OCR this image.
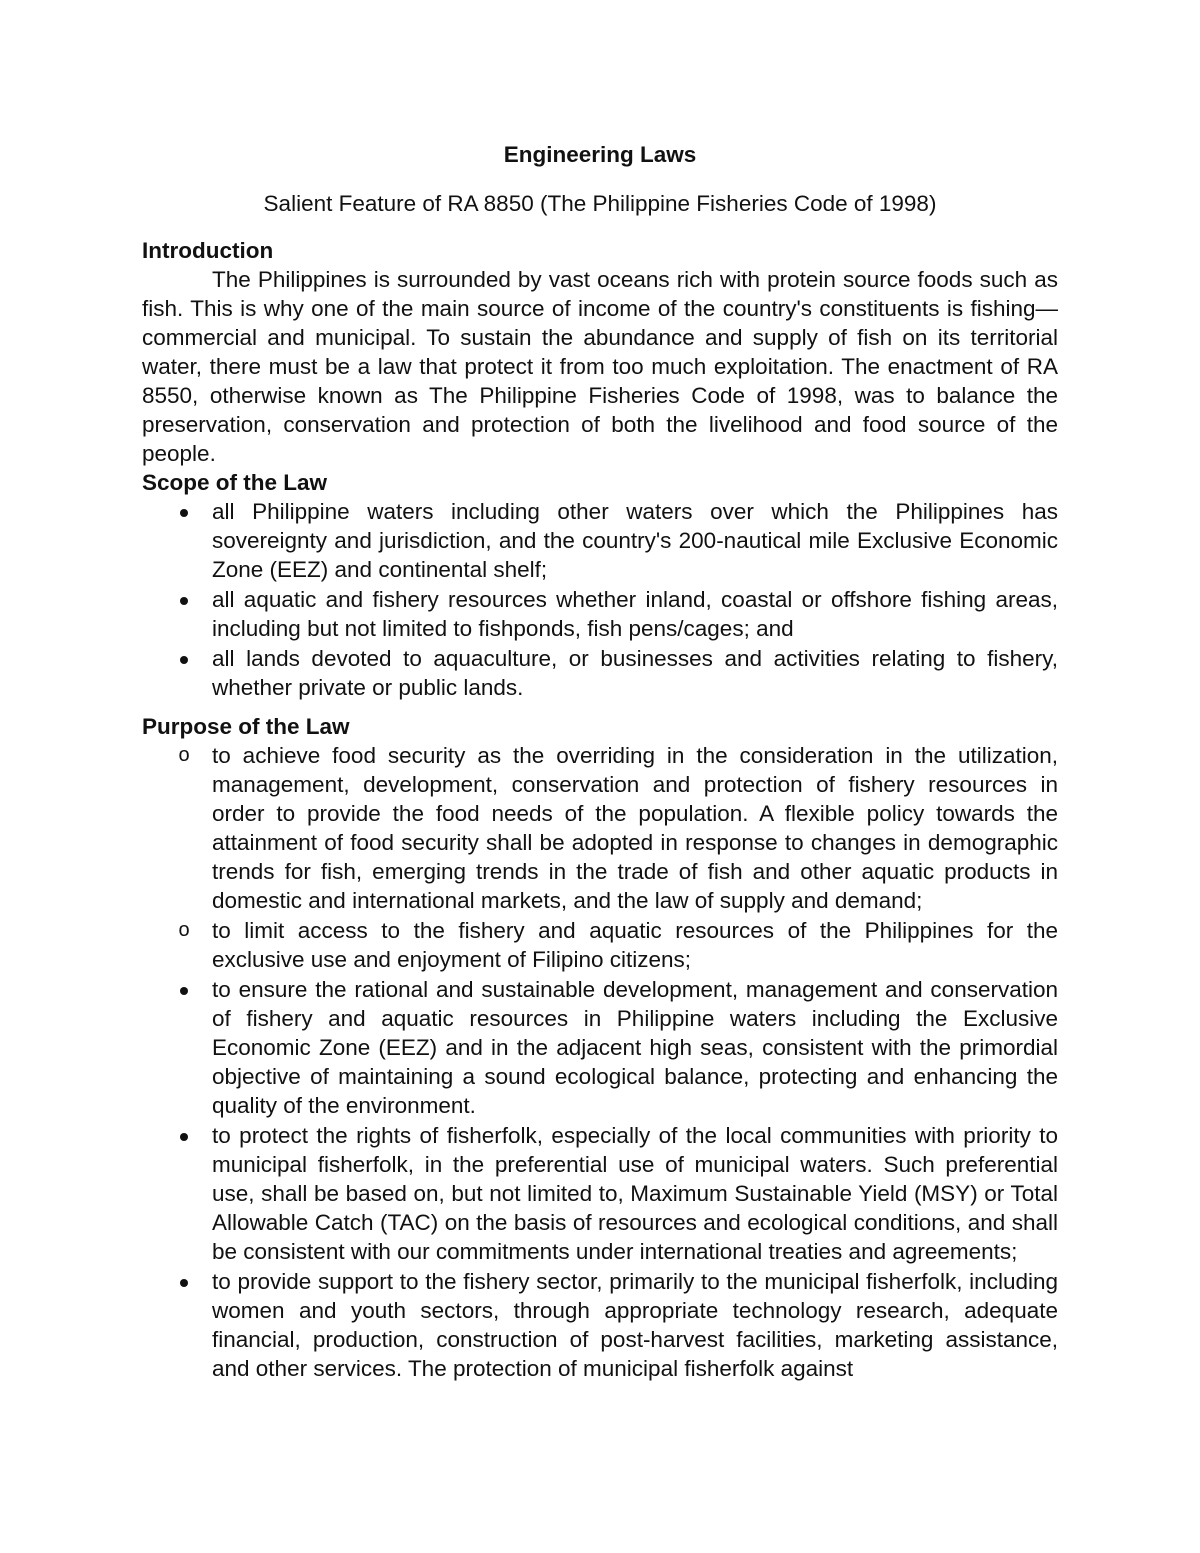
Engineering Laws

Salient Feature of RA 8850 (The Philippine Fisheries Code of 1998)

Introduction

The Philippines is surrounded by vast oceans rich with protein source foods such as fish. This is why one of the main source of income of the country's constituents is fishing— commercial and municipal. To sustain the abundance and supply of fish on its territorial water, there must be a law that protect it from too much exploitation. The enactment of RA 8550, otherwise known as The Philippine Fisheries Code of 1998, was to balance the preservation, conservation and protection of both the livelihood and food source of the people.

Scope of the Law

all Philippine waters including other waters over which the Philippines has sovereignty and jurisdiction, and the country's 200-nautical mile Exclusive Economic Zone (EEZ) and continental shelf;
all aquatic and fishery resources whether inland, coastal or offshore fishing areas, including but not limited to fishponds, fish pens/cages; and
all lands devoted to aquaculture, or businesses and activities relating to fishery, whether private or public lands.

Purpose of the Law

o to achieve food security as the overriding in the consideration in the utilization, management, development, conservation and protection of fishery resources in order to provide the food needs of the population. A flexible policy towards the attainment of food security shall be adopted in response to changes in demographic trends for fish, emerging trends in the trade of fish and other aquatic products in domestic and international markets, and the law of supply and demand;
o to limit access to the fishery and aquatic resources of the Philippines for the exclusive use and enjoyment of Filipino citizens;
to ensure the rational and sustainable development, management and conservation of fishery and aquatic resources in Philippine waters including the Exclusive Economic Zone (EEZ) and in the adjacent high seas, consistent with the primordial objective of maintaining a sound ecological balance, protecting and enhancing the quality of the environment.
to protect the rights of fisherfolk, especially of the local communities with priority to municipal fisherfolk, in the preferential use of municipal waters. Such preferential use, shall be based on, but not limited to, Maximum Sustainable Yield (MSY) or Total Allowable Catch (TAC) on the basis of resources and ecological conditions, and shall be consistent with our commitments under international treaties and agreements;
to provide support to the fishery sector, primarily to the municipal fisherfolk, including women and youth sectors, through appropriate technology research, adequate financial, production, construction of post-harvest facilities, marketing assistance, and other services. The protection of municipal fisherfolk against
